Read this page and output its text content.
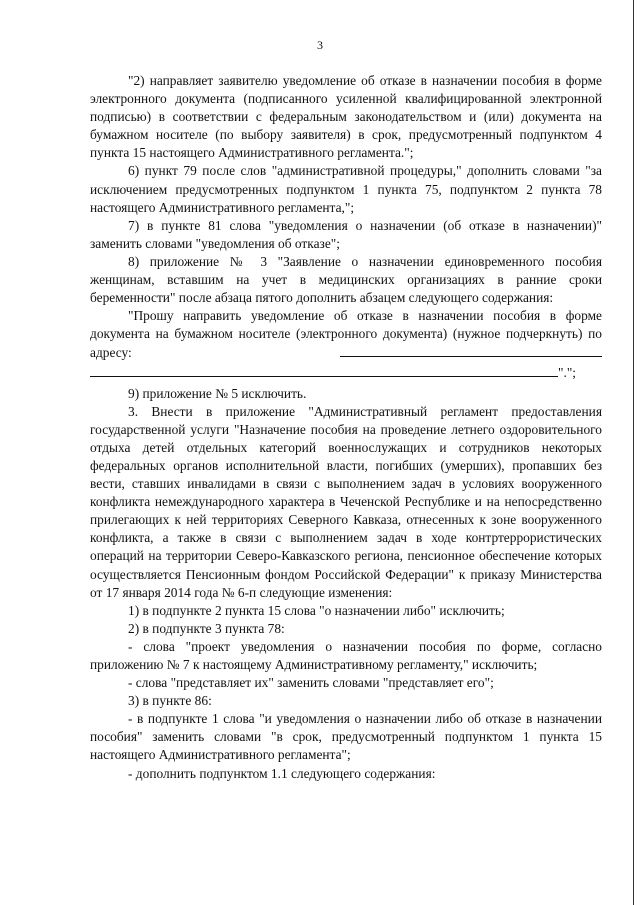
3

"2) направляет заявителю уведомление об отказе в назначении пособия в форме электронного документа (подписанного усиленной квалифицированной электронной подписью) в соответствии с федеральным законодательством и (или) документа на бумажном носителе (по выбору заявителя) в срок, предусмотренный подпунктом 4 пункта 15 настоящего Административного регламента.";

6) пункт 79 после слов "административной процедуры," дополнить словами "за исключением предусмотренных подпунктом 1 пункта 75, подпунктом 2 пункта 78 настоящего Административного регламента,";

7) в пункте 81 слова "уведомления о назначении (об отказе в назначении)" заменить словами "уведомления об отказе";

8) приложение № 3 "Заявление о назначении единовременного пособия женщинам, вставшим на учет в медицинских организациях в ранние сроки беременности" после абзаца пятого дополнить абзацем следующего содержания:

"Прошу направить уведомление об отказе в назначении пособия в форме документа на бумажном носителе (электронного документа) (нужное подчеркнуть) по адресу:  ".";

9) приложение № 5 исключить.

3. Внести в приложение "Административный регламент предоставления государственной услуги "Назначение пособия на проведение летнего оздоровительного отдыха детей отдельных категорий военнослужащих и сотрудников некоторых федеральных органов исполнительной власти, погибших (умерших), пропавших без вести, ставших инвалидами в связи с выполнением задач в условиях вооруженного конфликта немеждународного характера в Чеченской Республике и на непосредственно прилегающих к ней территориях Северного Кавказа, отнесенных к зоне вооруженного конфликта, а также в связи с выполнением задач в ходе контртеррористических операций на территории Северо-Кавказского региона, пенсионное обеспечение которых осуществляется Пенсионным фондом Российской Федерации" к приказу Министерства от 17 января 2014 года № 6-п следующие изменения:

1) в подпункте 2 пункта 15 слова "о назначении либо" исключить;

2) в подпункте 3 пункта 78:

- слова "проект уведомления о назначении пособия по форме, согласно приложению № 7 к настоящему Административному регламенту," исключить;

- слова "представляет их" заменить словами "представляет его";

3) в пункте 86:

- в подпункте 1 слова "и уведомления о назначении либо об отказе в назначении пособия" заменить словами "в срок, предусмотренный подпунктом 1 пункта 15 настоящего Административного регламента";

- дополнить подпунктом 1.1 следующего содержания:
